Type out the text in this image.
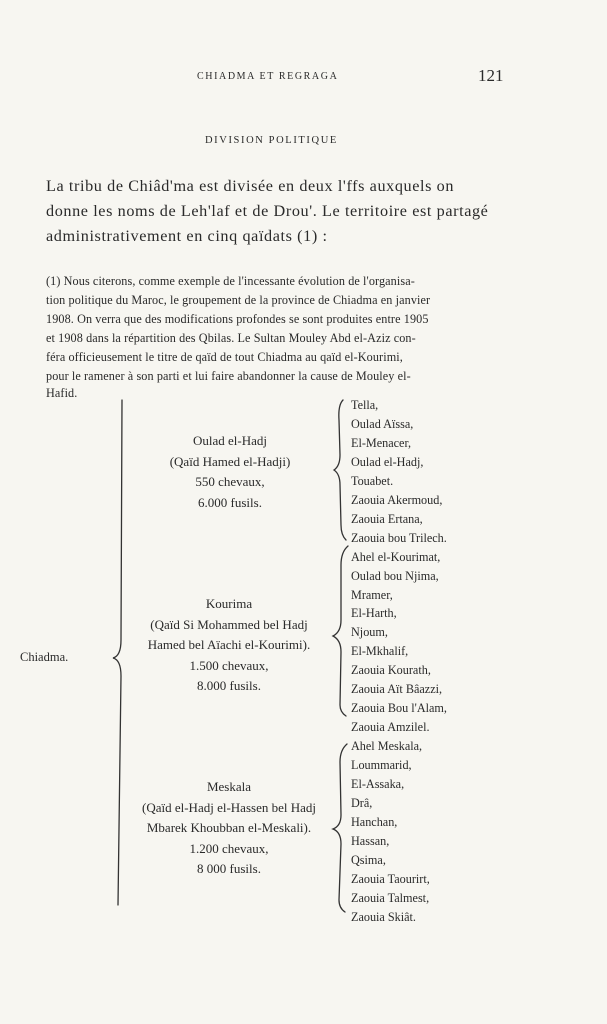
CHIADMA ET REGRAGA	121
DIVISION POLITIQUE
La tribu de Chiâd'ma est divisée en deux l'ffs auxquels on
donne les noms de Leh'laf et de Drou'. Le territoire est partagé
administrativement en cinq qaïdats (1) :
(1) Nous citerons, comme exemple de l'incessante évolution de l'organisa-
tion politique du Maroc, le groupement de la province de Chiadma en janvier
1908. On verra que des modifications profondes se sont produites entre 1905
et 1908 dans la répartition des Qbilas. Le Sultan Mouley Abd el-Aziz con-
féra officieusement le titre de qaïd de tout Chiadma au qaïd el-Kourimi,
pour le ramener à son parti et lui faire abandonner la cause de Mouley el-
Hafid.
Chiadma.
Oulad el-Hadj
(Qaïd Hamed el-Hadji)
550 chevaux,
6.000 fusils.
Kourima
(Qaïd Si Mohammed bel Hadj
Hamed bel Aïachi el-Kourimi).
1.500 chevaux,
8.000 fusils.
Meskala
(Qaïd el-Hadj el-Hassen bel Hadj
Mbarek Khoubban el-Meskali).
1.200 chevaux,
8 000 fusils.
Tella,
Oulad Aïssa,
El-Menacer,
Oulad el-Hadj,
Touabet.
Zaouia Akermoud,
Zaouia Ertana,
Zaouia bou Trilech.
Ahel el-Kourimat,
Oulad bou Njima,
Mramer,
El-Harth,
Njoum,
El-Mkhalif,
Zaouia Kourath,
Zaouia Aït Bâazzi,
Zaouia Bou l'Alam,
Zaouia Amzilel.
Ahel Meskala,
Loummarid,
El-Assaka,
Drâ,
Hanchan,
Hassan,
Qsima,
Zaouia Taourirt,
Zaouia Talmest,
Zaouia Skiât.
